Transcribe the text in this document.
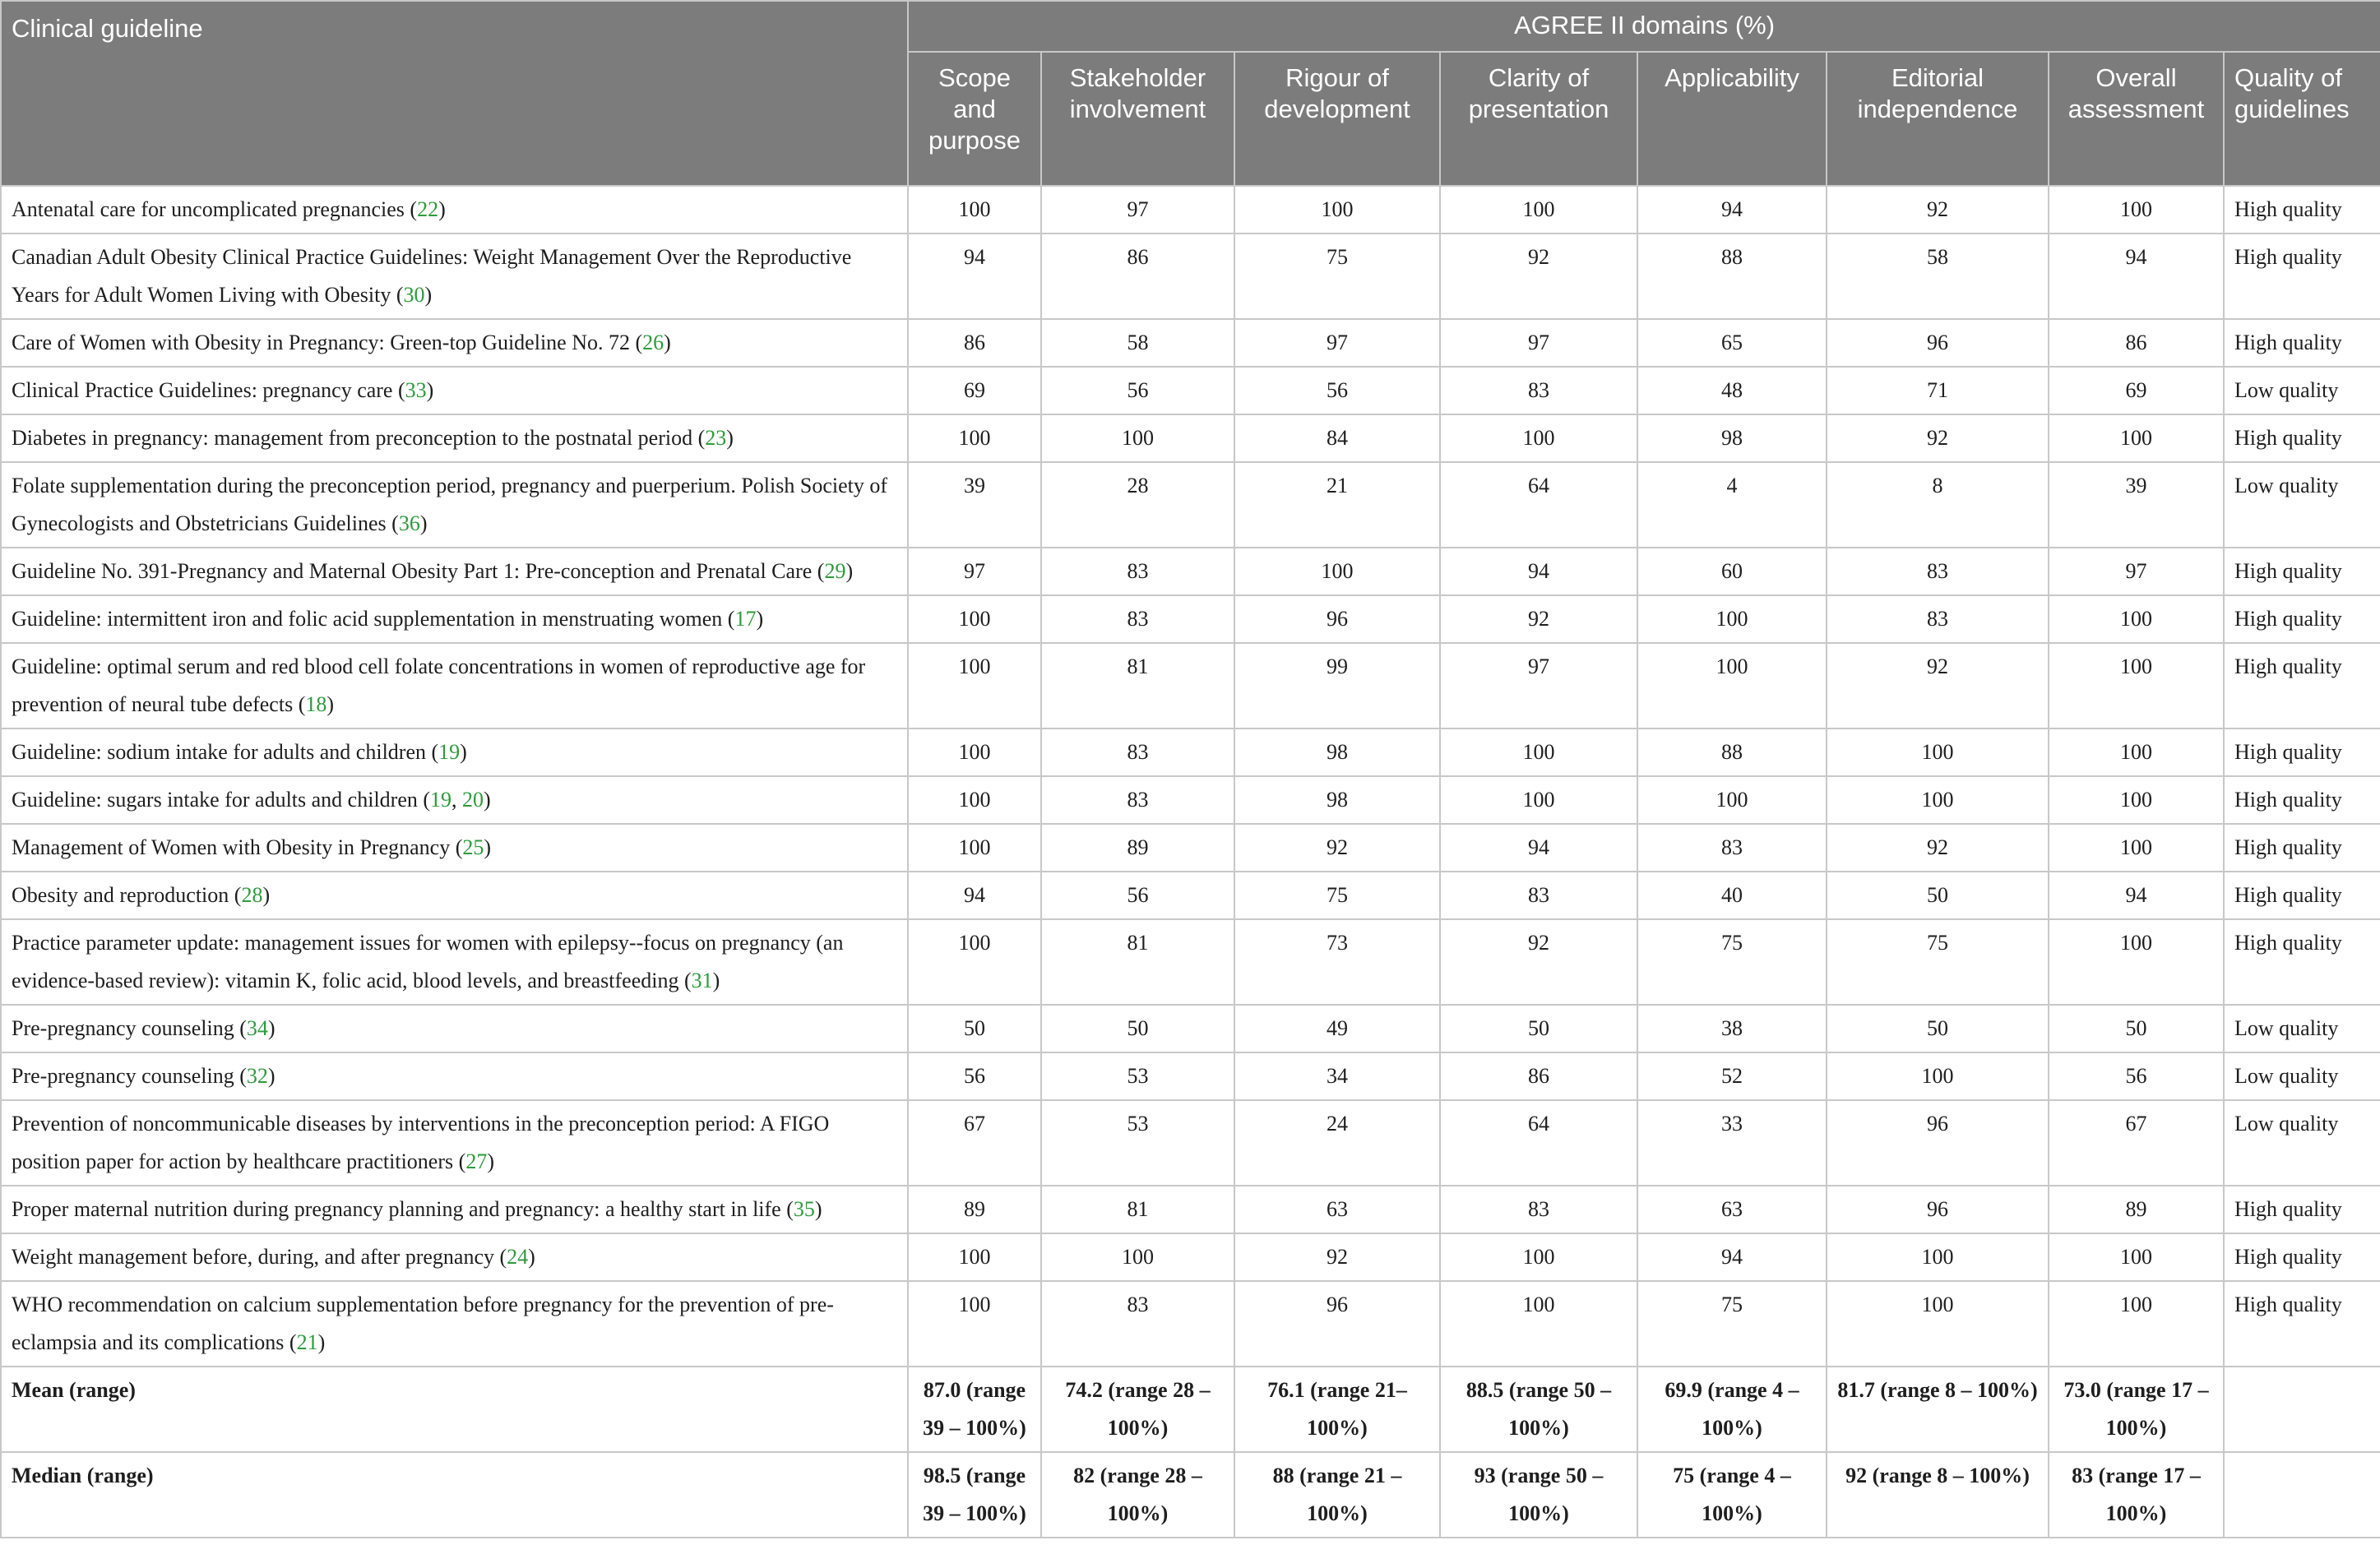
Clinical guideline	AGREE II domains (%)							
	Scope and purpose	Stakeholder involvement	Rigour of development	Clarity of presentation	Applicability	Editorial independence	Overall assessment	Quality of guidelines
Antenatal care for uncomplicated pregnancies (22)	100	97	100	100	94	92	100	High quality
Canadian Adult Obesity Clinical Practice Guidelines: Weight Management Over the Reproductive Years for Adult Women Living with Obesity (30)	94	86	75	92	88	58	94	High quality
Care of Women with Obesity in Pregnancy: Green-top Guideline No. 72 (26)	86	58	97	97	65	96	86	High quality
Clinical Practice Guidelines: pregnancy care (33)	69	56	56	83	48	71	69	Low quality
Diabetes in pregnancy: management from preconception to the postnatal period (23)	100	100	84	100	98	92	100	High quality
Folate supplementation during the preconception period, pregnancy and puerperium. Polish Society of Gynecologists and Obstetricians Guidelines (36)	39	28	21	64	4	8	39	Low quality
Guideline No. 391-Pregnancy and Maternal Obesity Part 1: Pre-conception and Prenatal Care (29)	97	83	100	94	60	83	97	High quality
Guideline: intermittent iron and folic acid supplementation in menstruating women (17)	100	83	96	92	100	83	100	High quality
Guideline: optimal serum and red blood cell folate concentrations in women of reproductive age for prevention of neural tube defects (18)	100	81	99	97	100	92	100	High quality
Guideline: sodium intake for adults and children (19)	100	83	98	100	88	100	100	High quality
Guideline: sugars intake for adults and children (19, 20)	100	83	98	100	100	100	100	High quality
Management of Women with Obesity in Pregnancy (25)	100	89	92	94	83	92	100	High quality
Obesity and reproduction (28)	94	56	75	83	40	50	94	High quality
Practice parameter update: management issues for women with epilepsy--focus on pregnancy (an evidence-based review): vitamin K, folic acid, blood levels, and breastfeeding (31)	100	81	73	92	75	75	100	High quality
Pre-pregnancy counseling (34)	50	50	49	50	38	50	50	Low quality
Pre-pregnancy counseling (32)	56	53	34	86	52	100	56	Low quality
Prevention of noncommunicable diseases by interventions in the preconception period: A FIGO position paper for action by healthcare practitioners (27)	67	53	24	64	33	96	67	Low quality
Proper maternal nutrition during pregnancy planning and pregnancy: a healthy start in life (35)	89	81	63	83	63	96	89	High quality
Weight management before, during, and after pregnancy (24)	100	100	92	100	94	100	100	High quality
WHO recommendation on calcium supplementation before pregnancy for the prevention of pre-eclampsia and its complications (21)	100	83	96	100	75	100	100	High quality
Mean (range)	87.0 (range 39 – 100%)	74.2 (range 28 – 100%)	76.1 (range 21– 100%)	88.5 (range 50 – 100%)	69.9 (range 4 – 100%)	81.7 (range 8 – 100%)	73.0 (range 17 – 100%)	
Median (range)	98.5 (range 39 – 100%)	82 (range 28 – 100%)	88 (range 21 – 100%)	93 (range 50 – 100%)	75 (range 4 – 100%)	92 (range 8 – 100%)	83 (range 17 – 100%)	
